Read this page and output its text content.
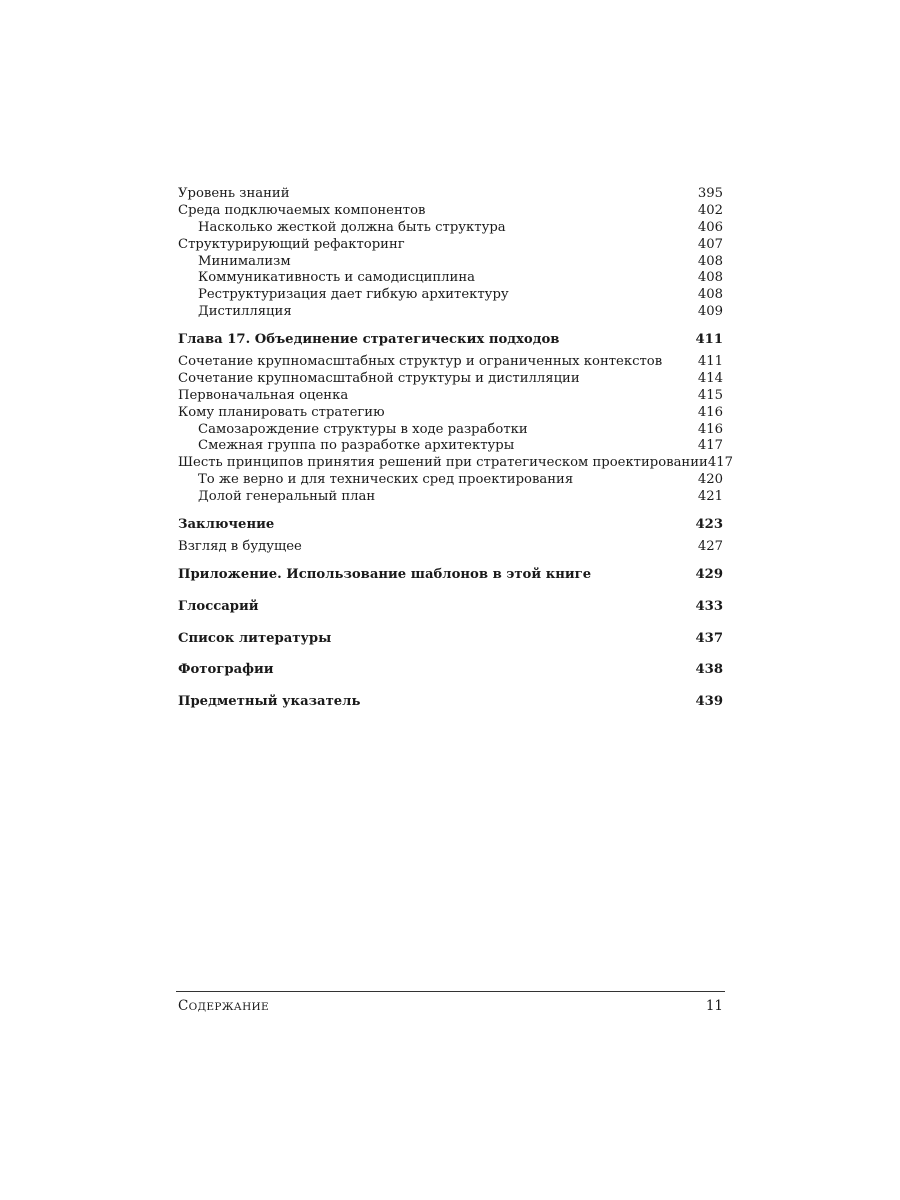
Уровень знаний	395
Среда подключаемых компонентов	402
Насколько жесткой должна быть структура	406
Структурирующий рефакторинг	407
Минимализм	408
Коммуникативность и самодисциплина	408
Реструктуризация дает гибкую архитектуру	408
Дистилляция	409
Глава 17. Объединение стратегических подходов	411
Сочетание крупномасштабных структур и ограниченных контекстов	411
Сочетание крупномасштабной структуры и дистилляции	414
Первоначальная оценка	415
Кому планировать стратегию	416
Самозарождение структуры в ходе разработки	416
Смежная группа по разработке архитектуры	417
Шесть принципов принятия решений при стратегическом проектировании 417
То же верно и для технических сред проектирования	420
Долой генеральный план	421
Заключение	423
Взгляд в будущее	427
Приложение. Использование шаблонов в этой книге	429
Глоссарий	433
Список литературы	437
Фотографии	438
Предметный указатель	439
СОДЕРЖАНИЕ	11
